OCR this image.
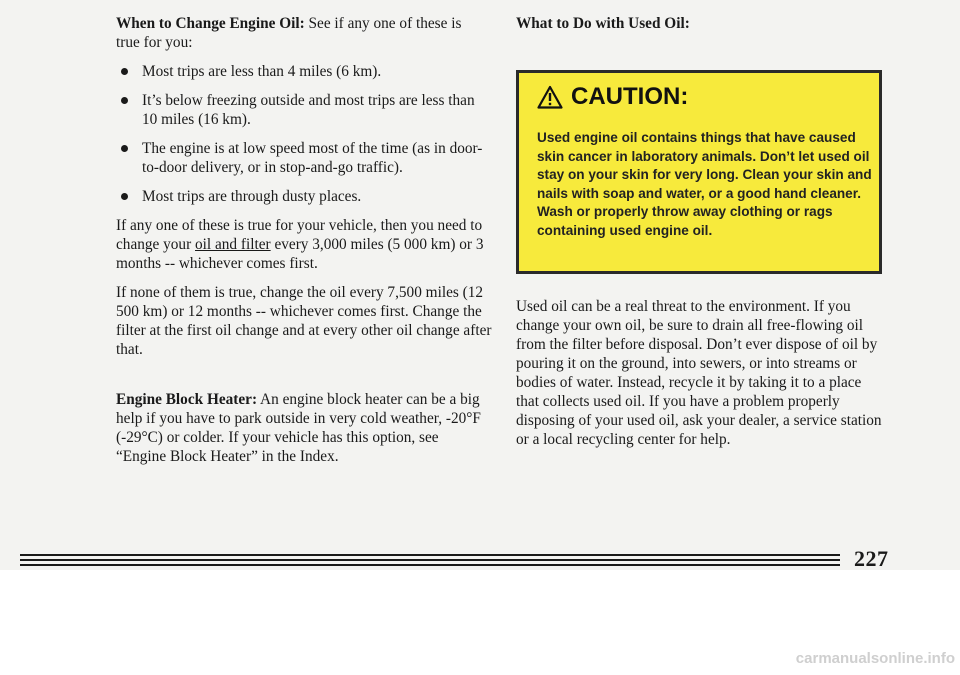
When to Change Engine Oil: See if any one of these is
true for you:

Most trips are less than 4 miles (6 km).
It’s below freezing outside and most trips are less than 10 miles (16 km).
The engine is at low speed most of the time (as in door-to-door delivery, or in stop-and-go traffic).
Most trips are through dusty places.

If any one of these is true for your vehicle, then you need to change your oil and filter every 3,000 miles (5 000 km) or 3 months -- whichever comes first.

If none of them is true, change the oil every 7,500 miles (12 500 km) or 12 months -- whichever comes first. Change the filter at the first oil change and at every other oil change after that.

Engine Block Heater: An engine block heater can be a big help if you have to park outside in very cold weather, -20°F (-29°C) or colder. If your vehicle has this option, see “Engine Block Heater” in the Index.

What to Do with Used Oil:

CAUTION:
Used engine oil contains things that have caused skin cancer in laboratory animals. Don’t let used oil stay on your skin for very long. Clean your skin and nails with soap and water, or a good hand cleaner. Wash or properly throw away clothing or rags containing used engine oil.

Used oil can be a real threat to the environment. If you change your own oil, be sure to drain all free-flowing oil from the filter before disposal. Don’t ever dispose of oil by pouring it on the ground, into sewers, or into streams or bodies of water. Instead, recycle it by taking it to a place that collects used oil. If you have a problem properly disposing of your used oil, ask your dealer, a service station or a local recycling center for help.

227
carmanualsonline.info
